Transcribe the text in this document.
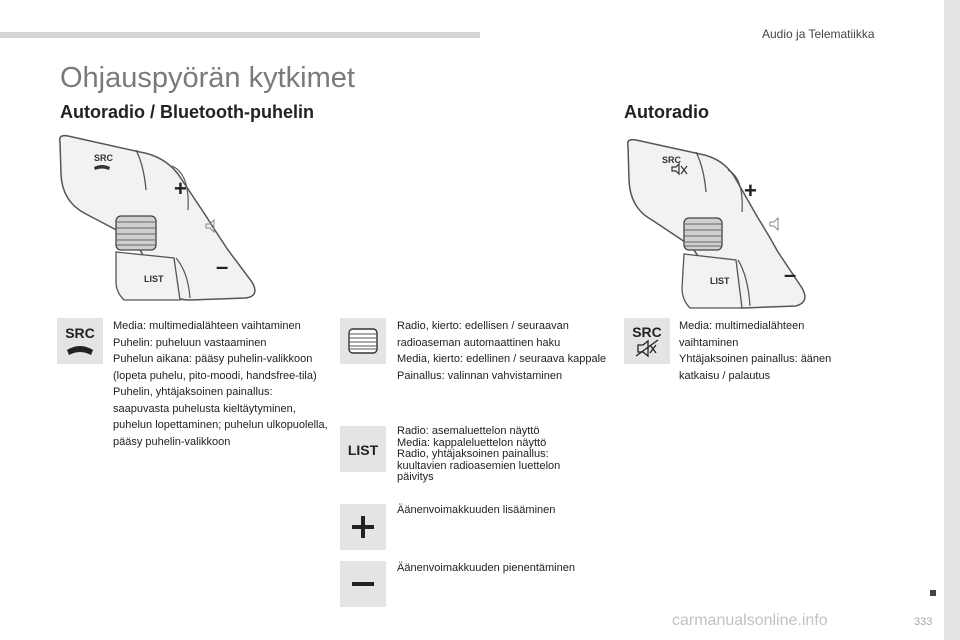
Audio ja Telematiikka
Ohjauspyörän kytkimet
Autoradio / Bluetooth-puhelin	Autoradio
SRC
+
–
LIST
SRC
+
–
LIST
SRC Media: multimedialähteen vaihtaminen
Puhelin: puheluun vastaaminen
Puhelun aikana: pääsy puhelin-valikkoon (lopeta puhelu, pito-moodi, handsfree-tila)
Puhelin, yhtäjaksoinen painallus: saapuvasta puhelusta kieltäytyminen, puhelun lopettaminen; puhelun ulkopuolella, pääsy puhelin-valikkoon
Radio, kierto: edellisen / seuraavan radioaseman automaattinen haku
Media, kierto: edellinen / seuraava kappale
Painallus: valinnan vahvistaminen
SRC Media: multimedialähteen vaihtaminen
Yhtäjaksoinen painallus: äänen katkaisu / palautus
LIST
Radio: asemaluettelon näyttö
Media: kappaleluettelon näyttö
Radio, yhtäjaksoinen painallus: kuultavien radioasemien luettelon päivitys
Äänenvoimakkuuden lisääminen
Äänenvoimakkuuden pienentäminen
carmanualsonline.info	333
